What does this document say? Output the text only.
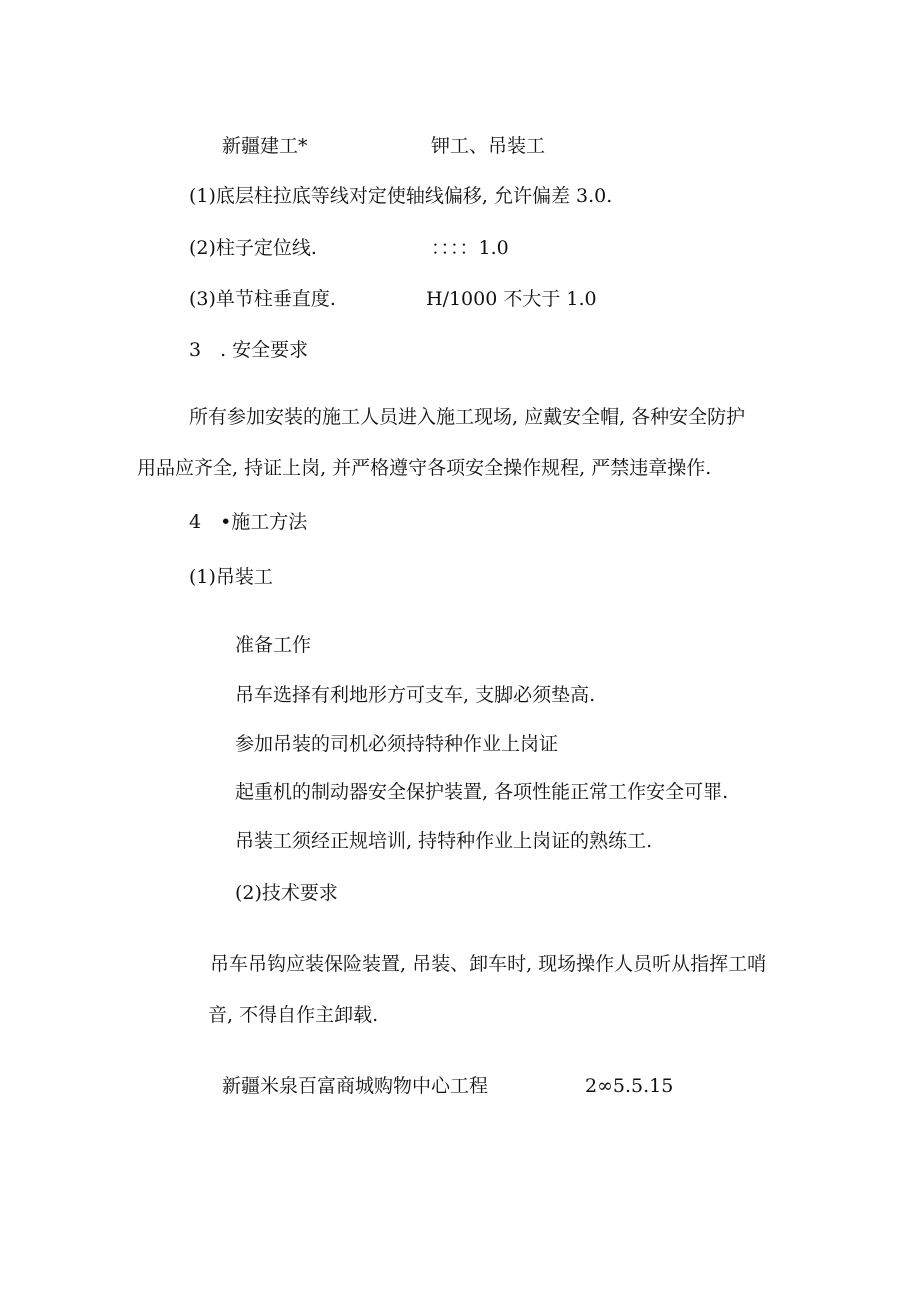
新疆建工*	钾工、吊装工
(1)底层柱拉底等线对定使轴线偏移, 允许偏差 3.0.
(2)柱子定位线.	：：：：1.0
(3)单节柱垂直度.	H/1000 不大于 1.0
3　. 安全要求
所有参加安装的施工人员进入施工现场, 应戴安全帽, 各种安全防护
用品应齐全, 持证上岗, 并严格遵守各项安全操作规程, 严禁违章操作.
4　•施工方法
(1)吊装工
准备工作
吊车选择有利地形方可支车, 支脚必须垫高.
参加吊装的司机必须持特种作业上岗证
起重机的制动器安全保护装置, 各项性能正常工作安全可罪.
吊装工须经正规培训, 持特种作业上岗证的熟练工.
(2)技术要求
吊车吊钩应装保险装置, 吊装、卸车时, 现场操作人员听从指挥工哨
音, 不得自作主卸载.
新疆米泉百富商城购物中心工程	2∞5.5.15
